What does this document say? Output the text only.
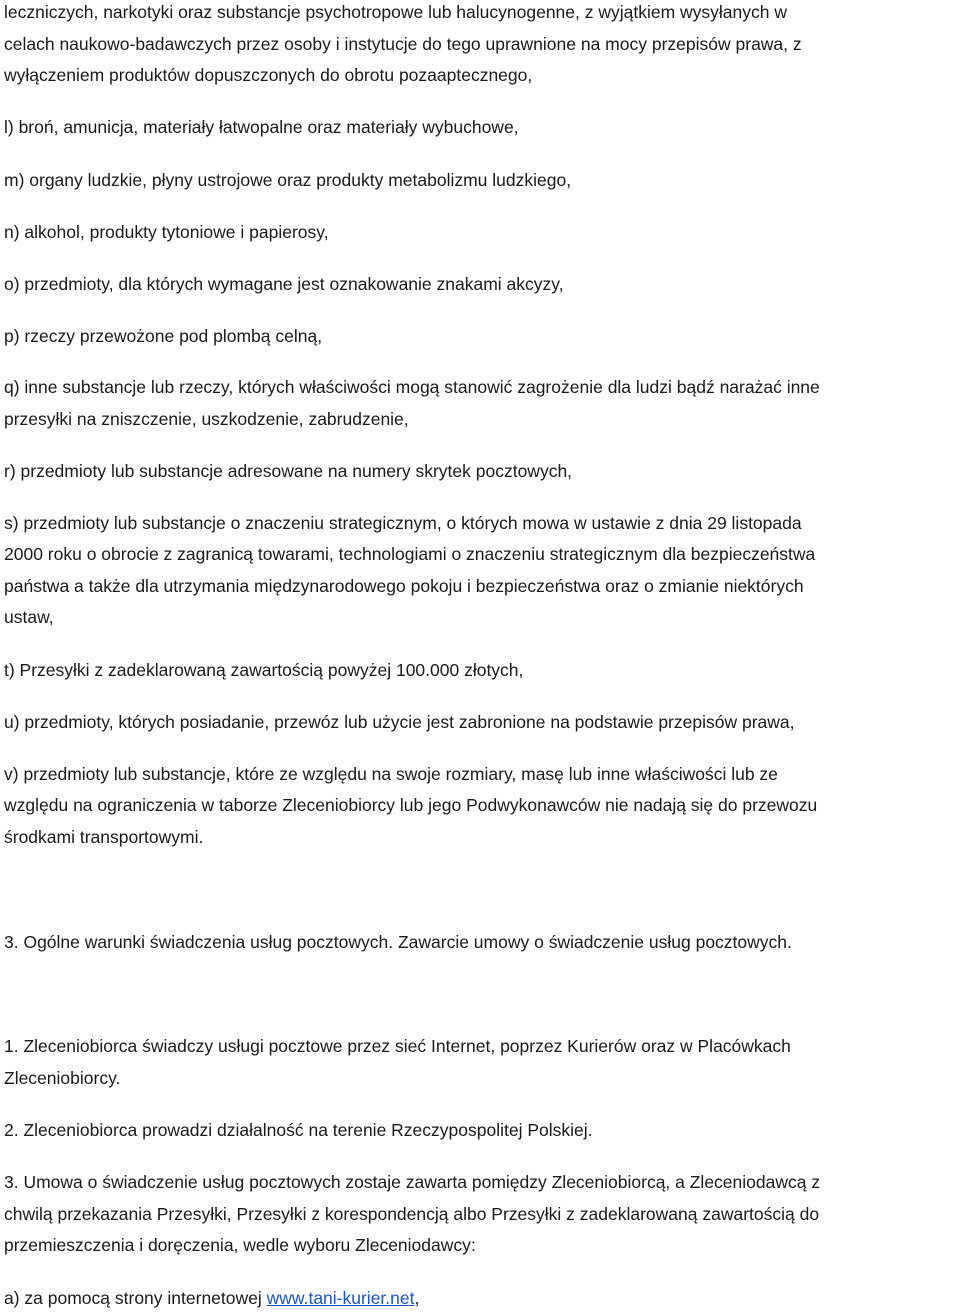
leczniczych, narkotyki oraz substancje psychotropowe lub halucynogenne, z wyjątkiem wysyłanych w
celach naukowo-badawczych przez osoby i instytucje do tego uprawnione na mocy przepisów prawa, z
wyłączeniem produktów dopuszczonych do obrotu pozaaptecznego,
l) broń, amunicja, materiały łatwopalne oraz materiały wybuchowe,
m) organy ludzkie, płyny ustrojowe oraz produkty metabolizmu ludzkiego,
n) alkohol, produkty tytoniowe i papierosy,
o) przedmioty, dla których wymagane jest oznakowanie znakami akcyzy,
p) rzeczy przewożone pod plombą celną,
q) inne substancje lub rzeczy, których właściwości mogą stanowić zagrożenie dla ludzi bądź narażać inne
przesyłki na zniszczenie, uszkodzenie, zabrudzenie,
r) przedmioty lub substancje adresowane na numery skrytek pocztowych,
s) przedmioty lub substancje o znaczeniu strategicznym, o których mowa w ustawie z dnia 29 listopada
2000 roku o obrocie z zagranicą towarami, technologiami o znaczeniu strategicznym dla bezpieczeństwa
państwa a także dla utrzymania międzynarodowego pokoju i bezpieczeństwa oraz o zmianie niektórych
ustaw,
t) Przesyłki z zadeklarowaną zawartością powyżej 100.000 złotych,
u) przedmioty, których posiadanie, przewóz lub użycie jest zabronione na podstawie przepisów prawa,
v) przedmioty lub substancje, które ze względu na swoje rozmiary, masę lub inne właściwości lub ze
względu na ograniczenia w taborze Zleceniobiorcy lub jego Podwykonawców nie nadają się do przewozu
środkami transportowymi.
3. Ogólne warunki świadczenia usług pocztowych. Zawarcie umowy o świadczenie usług pocztowych.
1. Zleceniobiorca świadczy usługi pocztowe przez sieć Internet, poprzez Kurierów oraz w Placówkach
Zleceniobiorcy.
2. Zleceniobiorca prowadzi działalność na terenie Rzeczypospolitej Polskiej.
3. Umowa o świadczenie usług pocztowych zostaje zawarta pomiędzy Zleceniobiorcą, a Zleceniodawcą z
chwilą przekazania Przesyłki, Przesyłki z korespondencją albo Przesyłki z zadeklarowaną zawartością do
przemieszczenia i doręczenia, wedle wyboru Zleceniodawcy:
a) za pomocą strony internetowej www.tani-kurier.net,
